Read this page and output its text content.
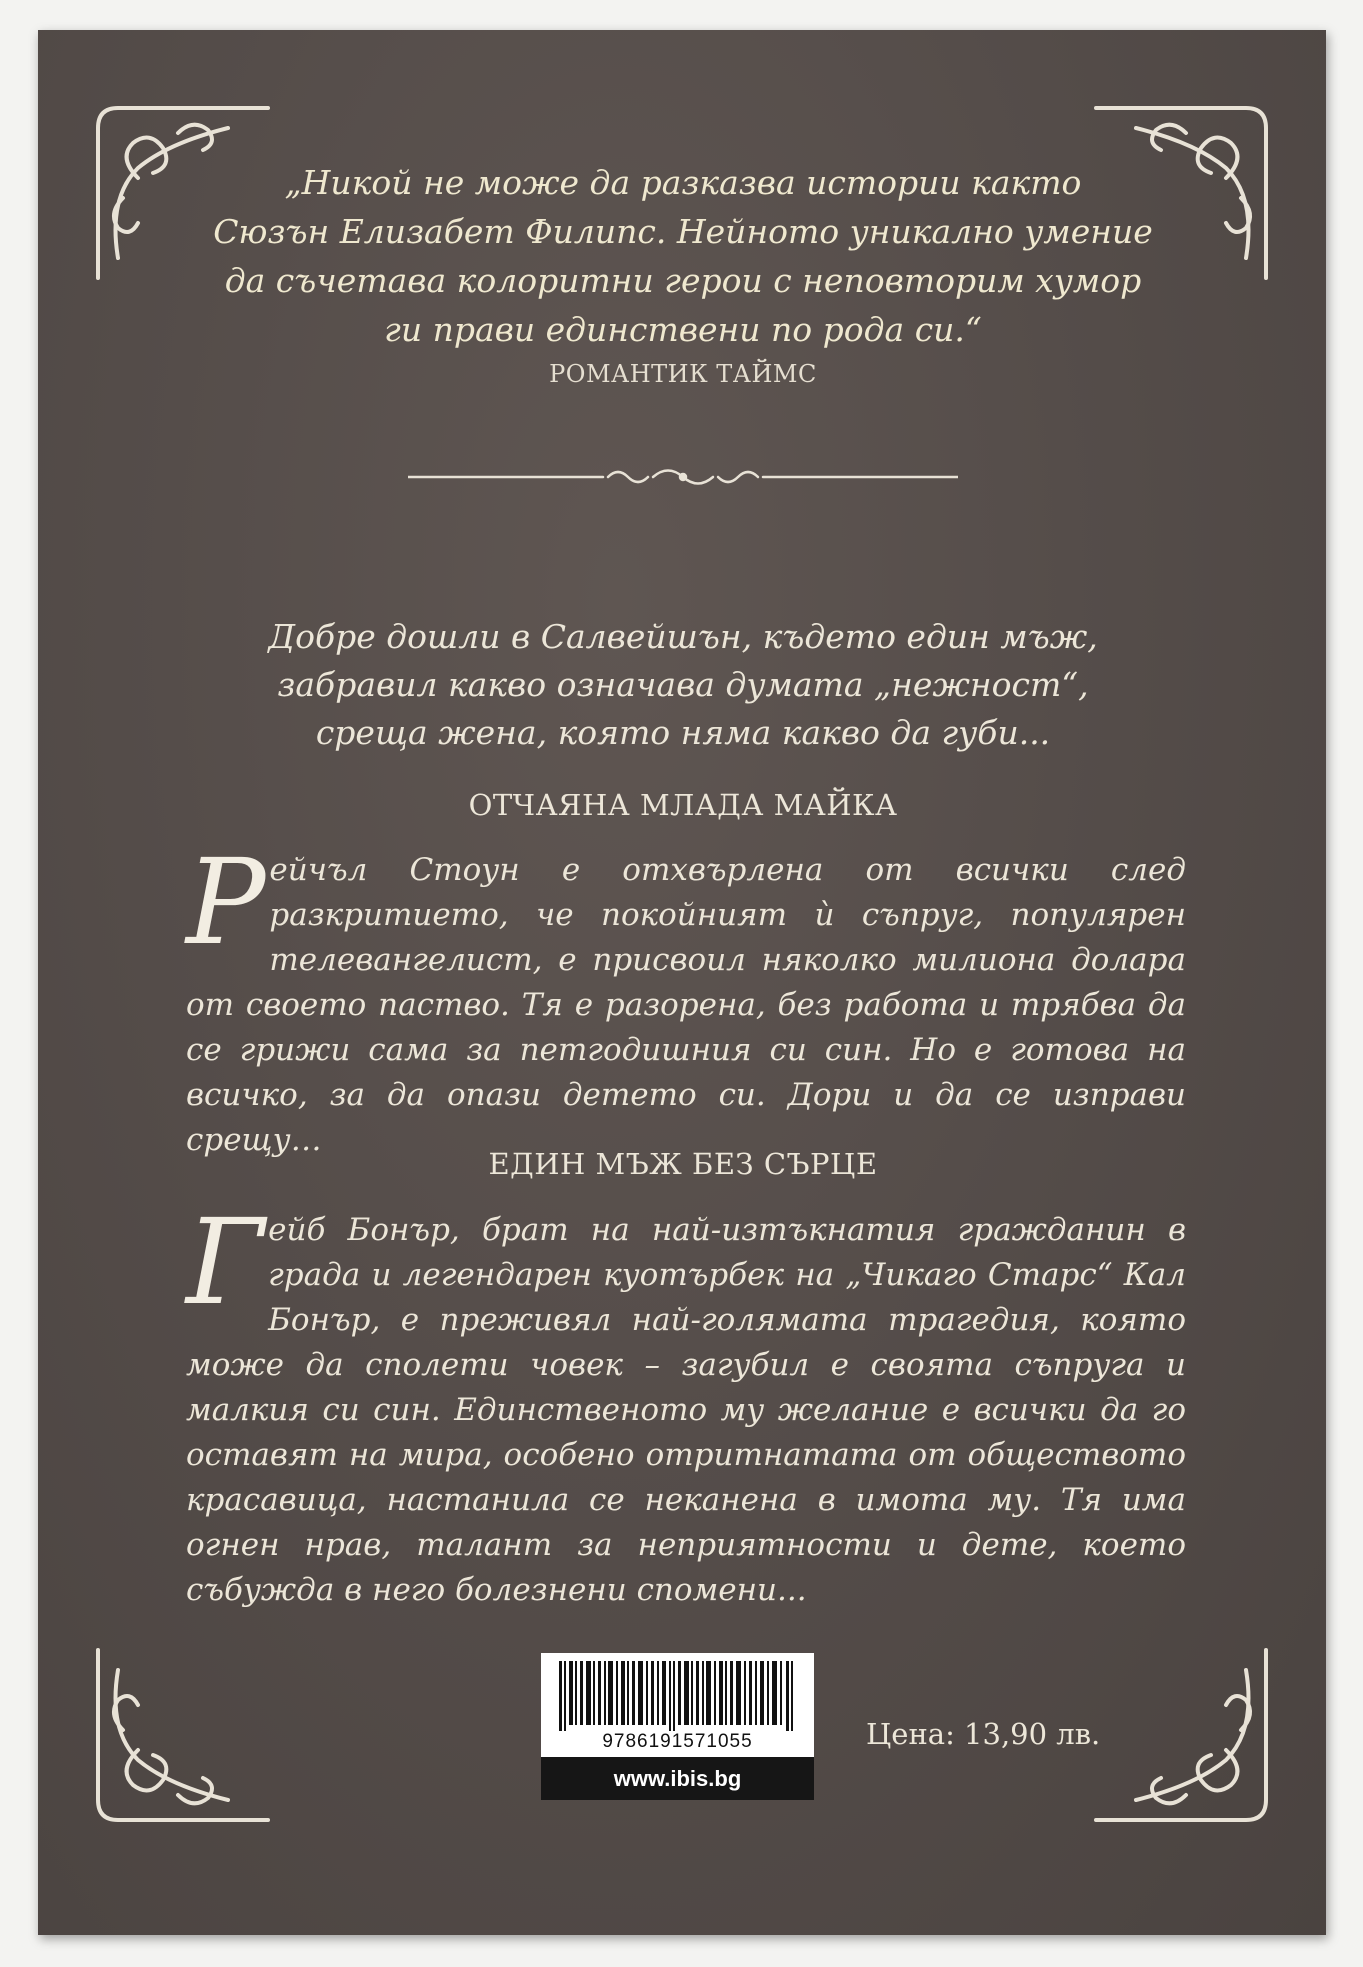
„Никой не може да разказва истории както
Сюзън Елизабет Филипс. Нейното уникално умение
да съчетава колоритни герои с неповторим хумор
ги прави единствени по рода си.“
РОМАНТИК ТАЙМС
Добре дошли в Салвейшън, където един мъж,
забравил какво означава думата „нежност“,
среща жена, която няма какво да губи...
ОТЧАЯНА МЛАДА МАЙКА
Рейчъл Стоун е отхвърлена от всички след разкритието, че покойният ѝ съпруг, популярен телевангелист, е присвоил няколко милиона долара от своето паство. Тя е разорена, без работа и трябва да се грижи сама за петгодишния си син. Но е готова на всичко, за да опази детето си. Дори и да се изправи срещу…
ЕДИН МЪЖ БЕЗ СЪРЦЕ
Гейб Бонър, брат на най-изтъкнатия гражданин в града и легендарен куотърбек на „Чикаго Старс“ Кал Бонър, е преживял най-голямата трагедия, която може да сполети човек – загубил е своята съпруга и малкия си син. Единственото му желание е всички да го оставят на мира, особено отритнатата от обществото красавица, настанила се неканена в имота му. Тя има огнен нрав, талант за неприятности и дете, което събужда в него болезнени спомени...
9786191571055
www.ibis.bg
Цена: 13,90 лв.
